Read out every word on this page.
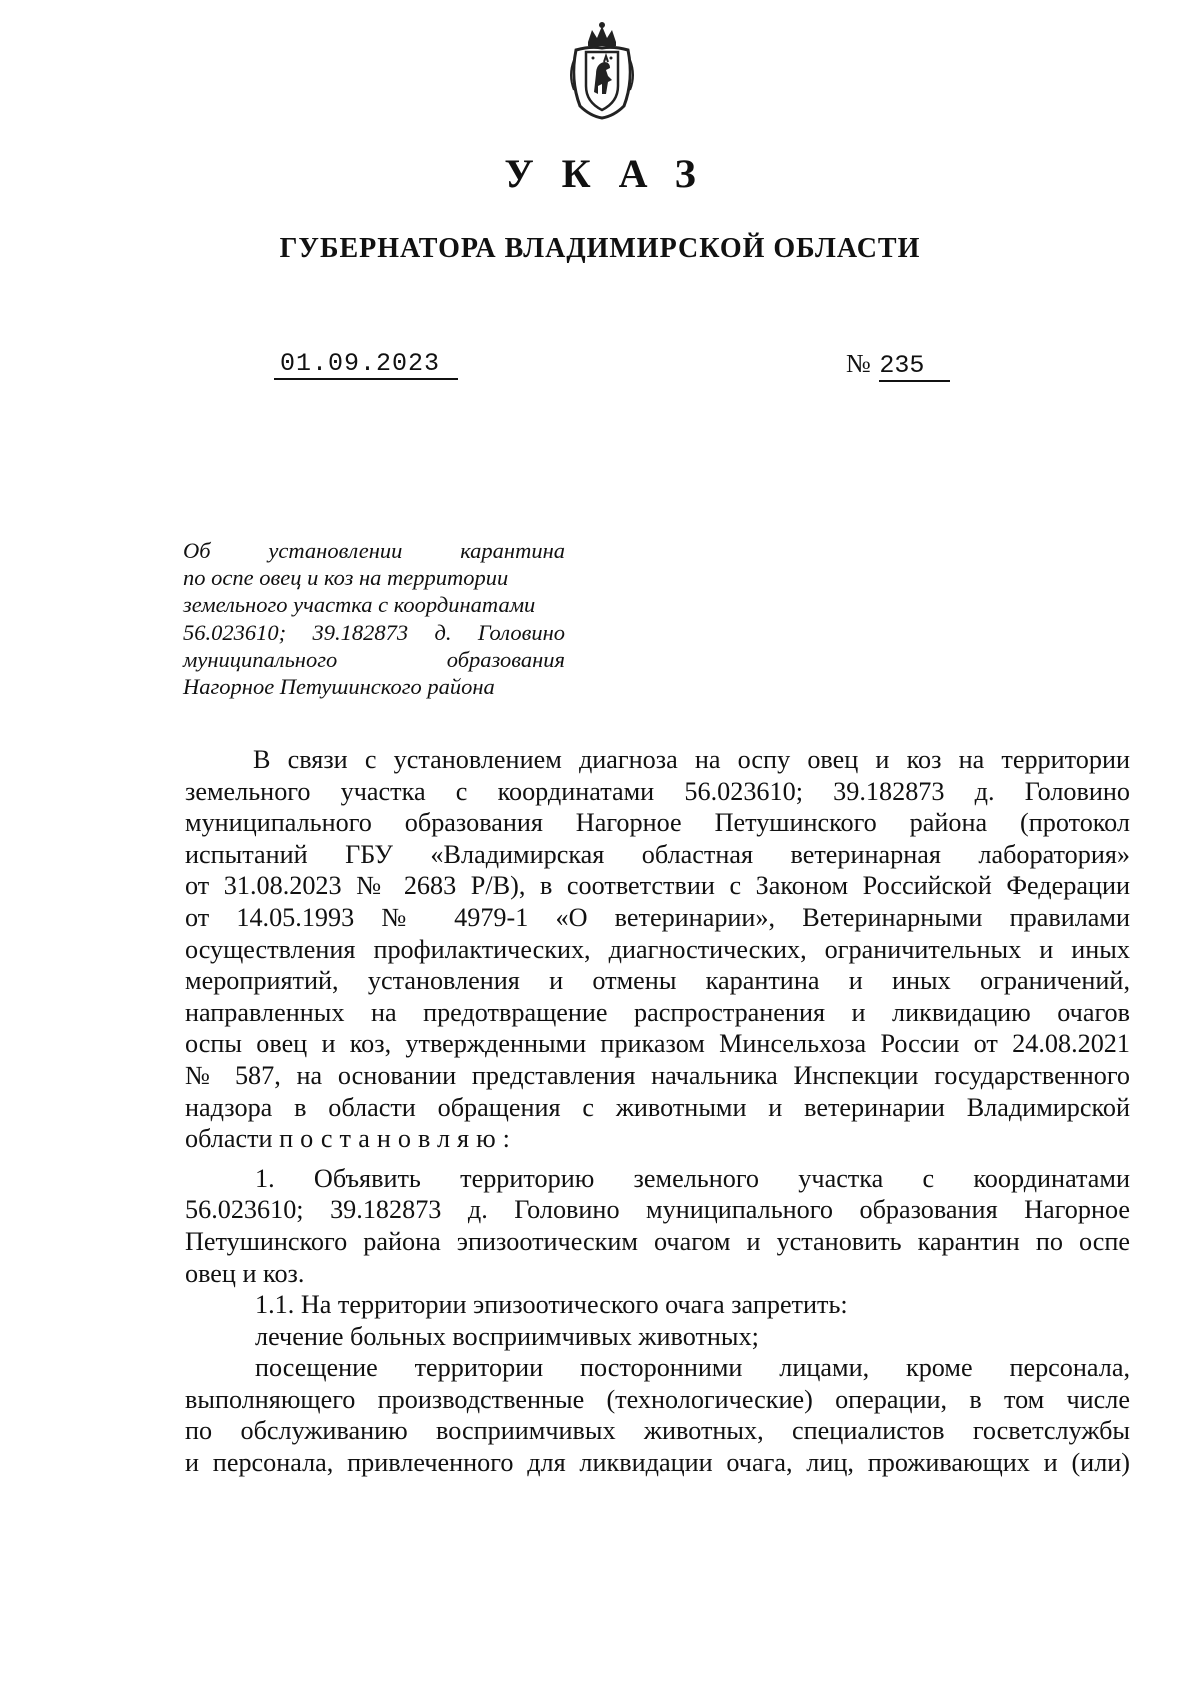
УКАЗ
ГУБЕРНАТОРА ВЛАДИМИРСКОЙ ОБЛАСТИ
01.09.2023	№ 235
Об установлении карантина
по оспе овец и коз на территории
земельного участка с координатами
56.023610; 39.182873 д. Головино
муниципального образования
Нагорное Петушинского района
В связи с установлением диагноза на оспу овец и коз на территории
земельного участка с координатами 56.023610; 39.182873 д. Головино
муниципального образования Нагорное Петушинского района (протокол
испытаний ГБУ «Владимирская областная ветеринарная лаборатория»
от 31.08.2023 № 2683 Р/В), в соответствии с Законом Российской Федерации
от 14.05.1993 № 4979-1 «О ветеринарии», Ветеринарными правилами
осуществления профилактических, диагностических, ограничительных и иных
мероприятий, установления и отмены карантина и иных ограничений,
направленных на предотвращение распространения и ликвидацию очагов
оспы овец и коз, утвержденными приказом Минсельхоза России от 24.08.2021
№ 587, на основании представления начальника Инспекции государственного
надзора в области обращения с животными и ветеринарии Владимирской
области постановляю:
1. Объявить территорию земельного участка с координатами
56.023610; 39.182873 д. Головино муниципального образования Нагорное
Петушинского района эпизоотическим очагом и установить карантин по оспе
овец и коз.
1.1. На территории эпизоотического очага запретить:
лечение больных восприимчивых животных;
посещение территории посторонними лицами, кроме персонала,
выполняющего производственные (технологические) операции, в том числе
по обслуживанию восприимчивых животных, специалистов госветслужбы
и персонала, привлеченного для ликвидации очага, лиц, проживающих и (или)
